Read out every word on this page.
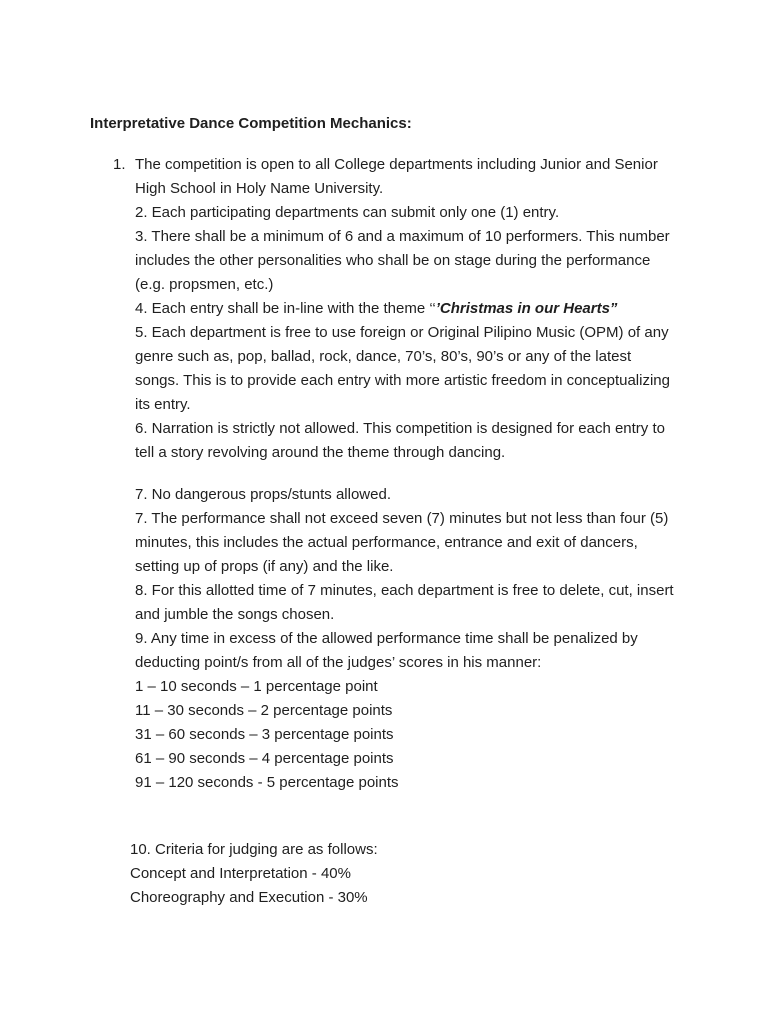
Interpretative Dance Competition Mechanics:
1. The competition is open to all College departments including Junior and Senior
High School in Holy Name University.
2. Each participating departments can submit only one (1) entry.
3. There shall be a minimum of 6 and a maximum of 10 performers. This number
includes the other personalities who shall be on stage during the performance
(e.g. propsmen, etc.)
4. Each entry shall be in-line with the theme ‘‘’Christmas in our Hearts”
5. Each department is free to use foreign or Original Pilipino Music (OPM) of any
genre such as, pop, ballad, rock, dance, 70’s, 80’s, 90’s or any of the latest
songs. This is to provide each entry with more artistic freedom in conceptualizing
its entry.
6. Narration is strictly not allowed. This competition is designed for each entry to
tell a story revolving around the theme through dancing.
7. No dangerous props/stunts allowed.
7. The performance shall not exceed seven (7) minutes but not less than four (5)
minutes, this includes the actual performance, entrance and exit of dancers,
setting up of props (if any) and the like.
8. For this allotted time of 7 minutes, each department is free to delete, cut, insert
and jumble the songs chosen.
9. Any time in excess of the allowed performance time shall be penalized by
deducting point/s from all of the judges’ scores in his manner:
1 – 10 seconds – 1 percentage point
11 – 30 seconds – 2 percentage points
31 – 60 seconds – 3 percentage points
61 – 90 seconds – 4 percentage points
91 – 120 seconds - 5 percentage points
10. Criteria for judging are as follows:
Concept and Interpretation - 40%
Choreography and Execution - 30%
